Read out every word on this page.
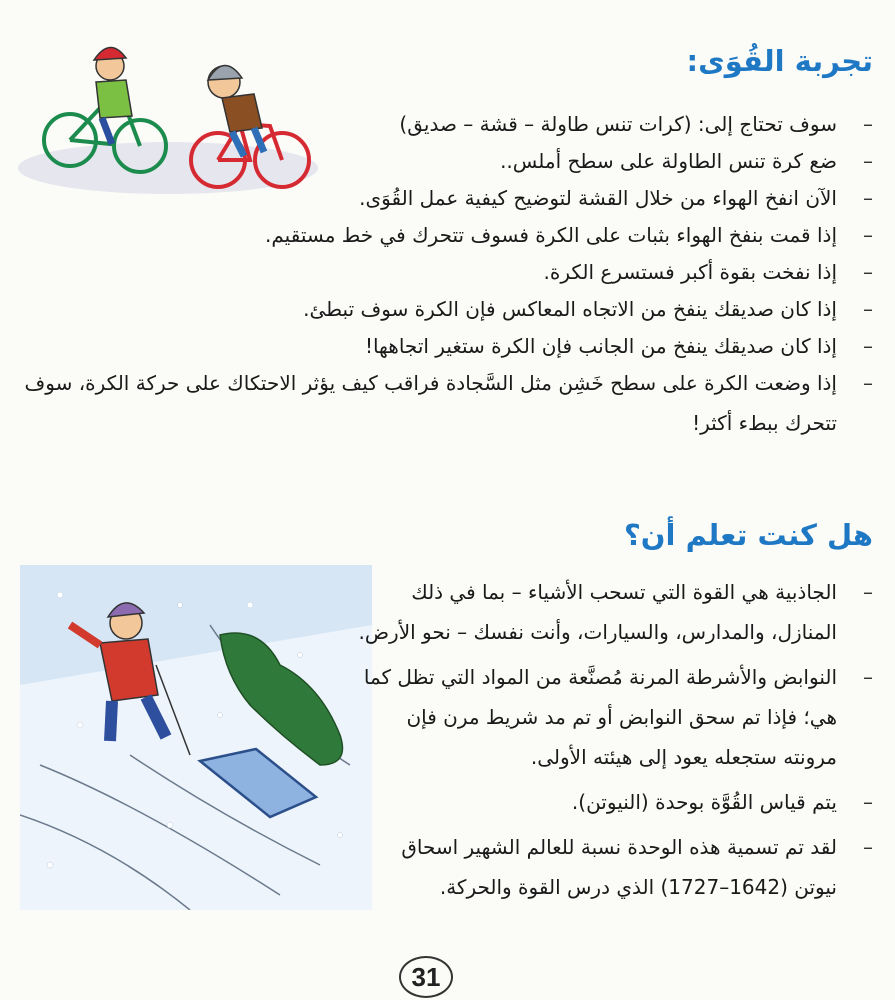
تجربة القُوَى:
– سوف تحتاج إلى: (كرات تنس طاولة – قشة – صديق)
– ضع كرة تنس الطاولة على سطح أملس..
– الآن انفخ الهواء من خلال القشة لتوضيح كيفية عمل القُوَى.
– إذا قمت بنفخ الهواء بثبات على الكرة فسوف تتحرك في خط مستقيم.
– إذا نفخت بقوة أكبر فستسرع الكرة.
– إذا كان صديقك ينفخ من الاتجاه المعاكس فإن الكرة سوف تبطئ.
– إذا كان صديقك ينفخ من الجانب فإن الكرة ستغير اتجاهها!
– إذا وضعت الكرة على سطح خَشِن مثل السَّجادة فراقب كيف يؤثر الاحتكاك على حركة الكرة، سوف تتحرك ببطء أكثر!
هل كنت تعلم أن؟
– الجاذبية هي القوة التي تسحب الأشياء – بما في ذلك المنازل، والمدارس، والسيارات، وأنت نفسك – نحو الأرض.
– النوابض والأشرطة المرنة مُصنَّعة من المواد التي تظل كما هي؛ فإذا تم سحق النوابض أو تم مد شريط مرن فإن مرونته ستجعله يعود إلى هيئته الأولى.
– يتم قياس القُوَّة بوحدة (النيوتن).
– لقد تم تسمية هذه الوحدة نسبة للعالم الشهير اسحاق نيوتن (1642–1727) الذي درس القوة والحركة.
31
